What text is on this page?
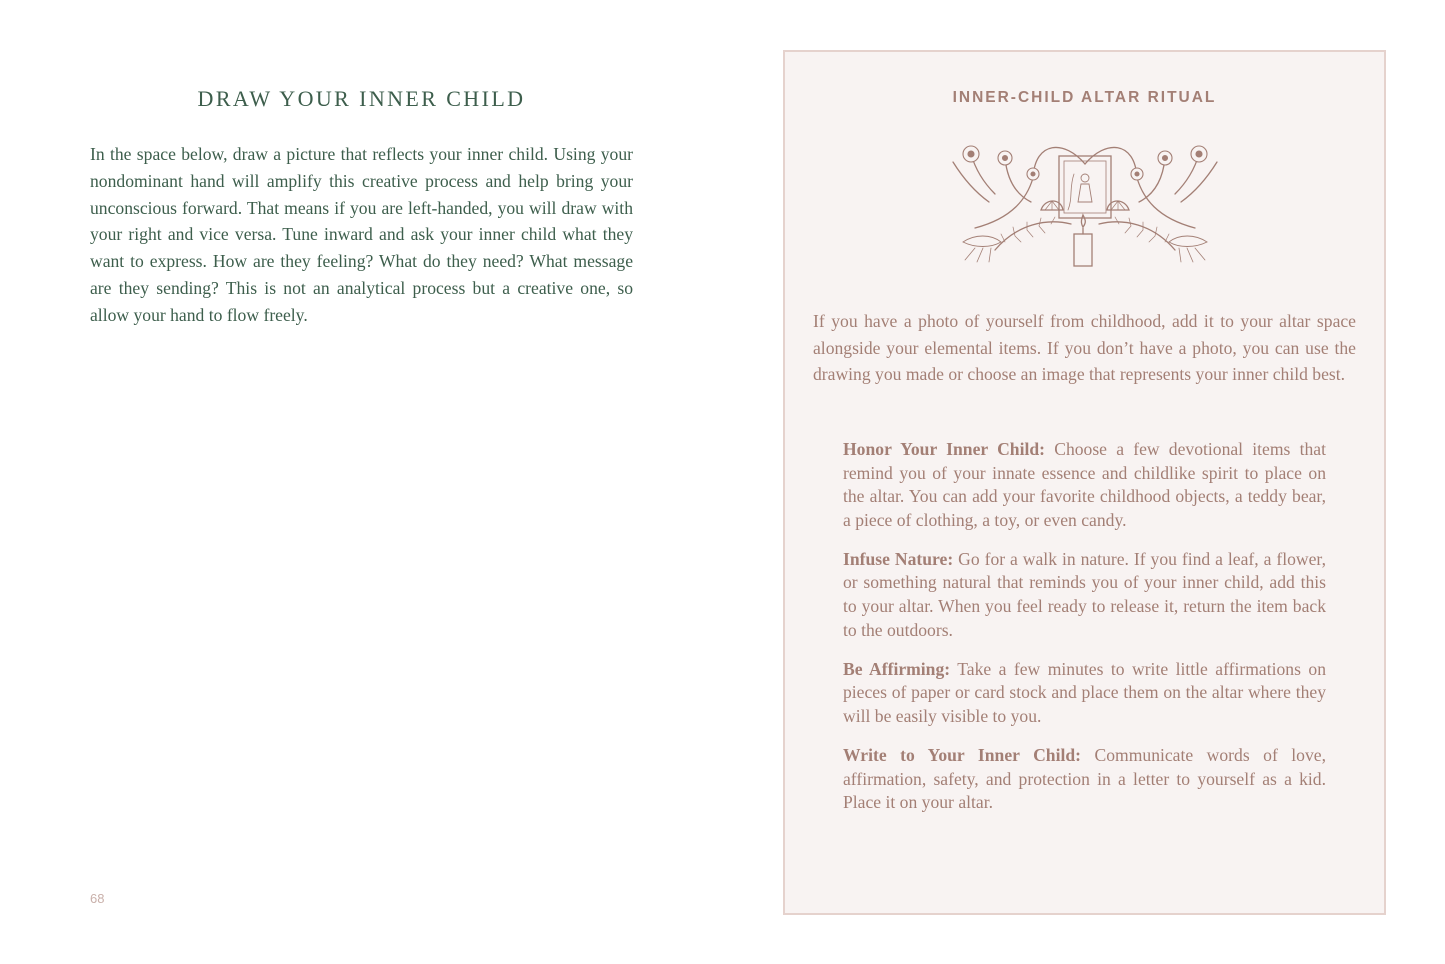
DRAW YOUR INNER CHILD

In the space below, draw a picture that reflects your inner child. Using your nondominant hand will amplify this creative process and help bring your unconscious forward. That means if you are left-handed, you will draw with your right and vice versa. Tune inward and ask your inner child what they want to express. How are they feeling? What do they need? What message are they sending? This is not an analytical process but a creative one, so allow your hand to flow freely.

68
INNER-CHILD ALTAR RITUAL

If you have a photo of yourself from childhood, add it to your altar space alongside your elemental items. If you don’t have a photo, you can use the drawing you made or choose an image that represents your inner child best.

Honor Your Inner Child: Choose a few devotional items that remind you of your innate essence and childlike spirit to place on the altar. You can add your favorite childhood objects, a teddy bear, a piece of clothing, a toy, or even candy.

Infuse Nature: Go for a walk in nature. If you find a leaf, a flower, or something natural that reminds you of your inner child, add this to your altar. When you feel ready to release it, return the item back to the outdoors.

Be Affirming: Take a few minutes to write little affirmations on pieces of paper or card stock and place them on the altar where they will be easily visible to you.

Write to Your Inner Child: Communicate words of love, affirmation, safety, and protection in a letter to yourself as a kid. Place it on your altar.
